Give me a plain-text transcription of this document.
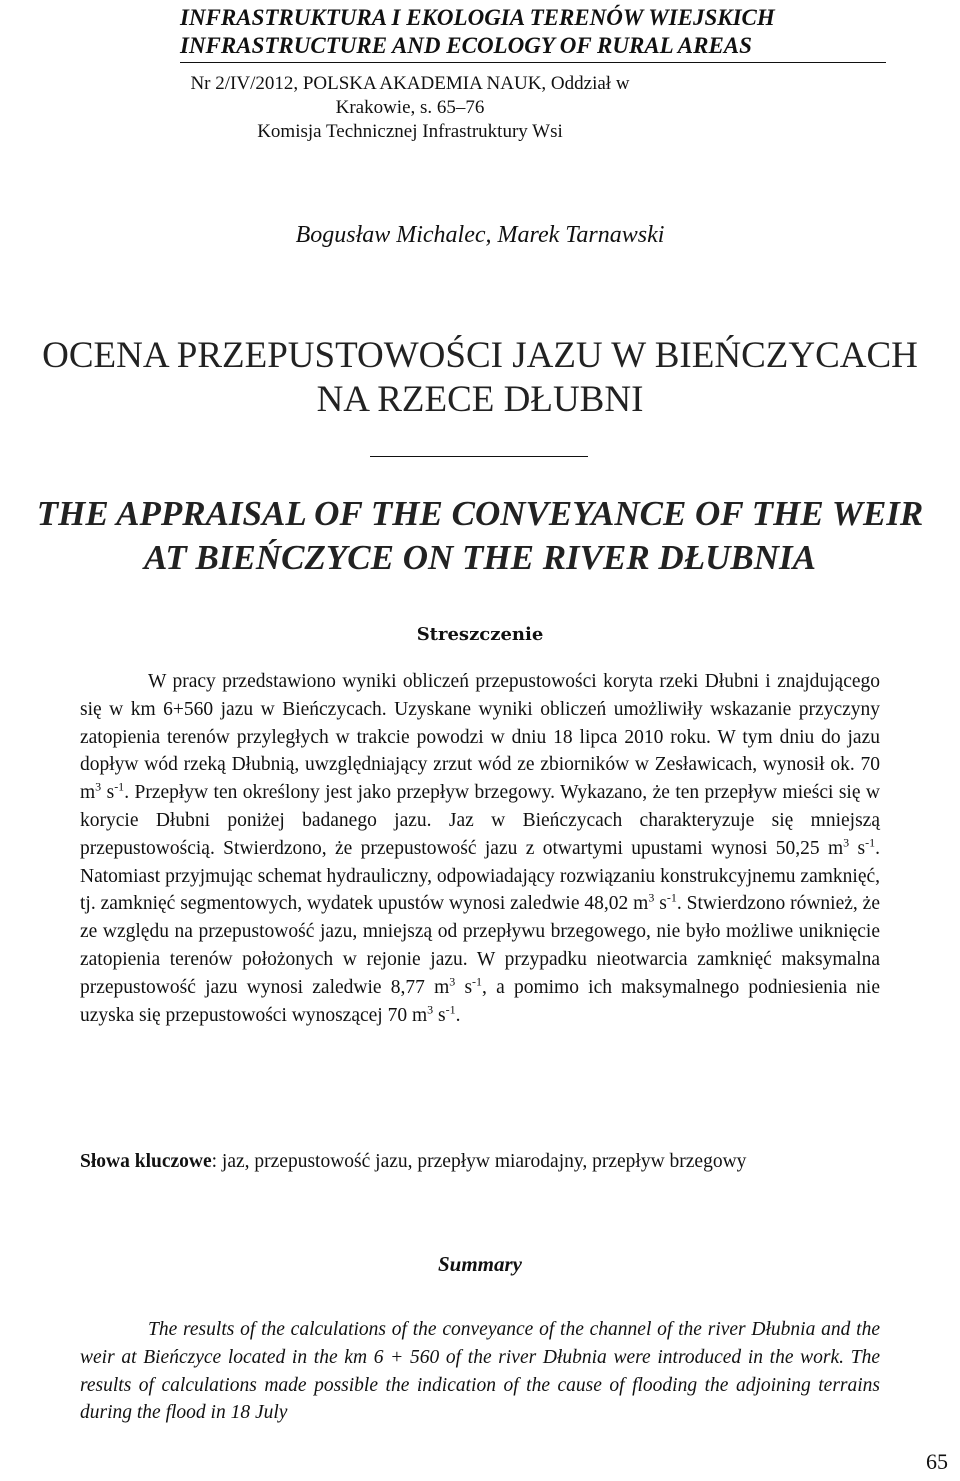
INFRASTRUKTURA I EKOLOGIA TERENÓW WIEJSKICH
INFRASTRUCTURE AND ECOLOGY OF RURAL AREAS
Nr 2/IV/2012, POLSKA AKADEMIA NAUK, Oddział w Krakowie, s. 65–76
Komisja Technicznej Infrastruktury Wsi
Bogusław Michalec, Marek Tarnawski
OCENA PRZEPUSTOWOŚCI JAZU W BIEŃCZYCACH
NA RZECE DŁUBNI
THE APPRAISAL OF THE CONVEYANCE OF THE WEIR
AT BIEŃCZYCE ON THE RIVER DŁUBNIA
Streszczenie

W pracy przedstawiono wyniki obliczeń przepustowości koryta rzeki Dłubni i znajdującego się w km 6+560 jazu w Bieńczycach. Uzyskane wyniki obliczeń umożliwiły wskazanie przyczyny zatopienia terenów przyległych w trakcie powodzi w dniu 18 lipca 2010 roku. W tym dniu do jazu dopływ wód rzeką Dłubnią, uwzględniający zrzut wód ze zbiorników w Zesławicach, wynosił ok. 70 $m^3$ $s^{-1}$. Przepływ ten określony jest jako przepływ brzegowy. Wykazano, że ten przepływ mieści się w korycie Dłubni poniżej badanego jazu. Jaz w Bieńczycach charakteryzuje się mniejszą przepustowością. Stwierdzono, że przepustowość jazu z otwartymi upustami wynosi 50,25 $m^3$ $s^{-1}$. Natomiast przyjmując schemat hydrauliczny, odpowiadający rozwiązaniu konstrukcyjnemu zamknięć, tj. zamknięć segmentowych, wydatek upustów wynosi zaledwie 48,02 $m^3$ $s^{-1}$. Stwierdzono również, że ze względu na przepustowość jazu, mniejszą od przepływu brzegowego, nie było możliwe uniknięcie zatopienia terenów położonych w rejonie jazu. W przypadku nieotwarcia zamknięć maksymalna przepustowość jazu wynosi zaledwie 8,77 $m^3$ $s^{-1}$, a pomimo ich maksymalnego podniesienia nie uzyska się przepustowości wynoszącej 70 $m^3$ $s^{-1}$.

Słowa kluczowe: jaz, przepustowość jazu, przepływ miarodajny, przepływ brzegowy

Summary

The results of the calculations of the conveyance of the channel of the river Dłubnia and the weir at Bieńczyce located in the km 6 + 560 of the river Dłubnia were introduced in the work. The results of calculations made possible the indication of the cause of flooding the adjoining terrains during the flood in 18 July

65
